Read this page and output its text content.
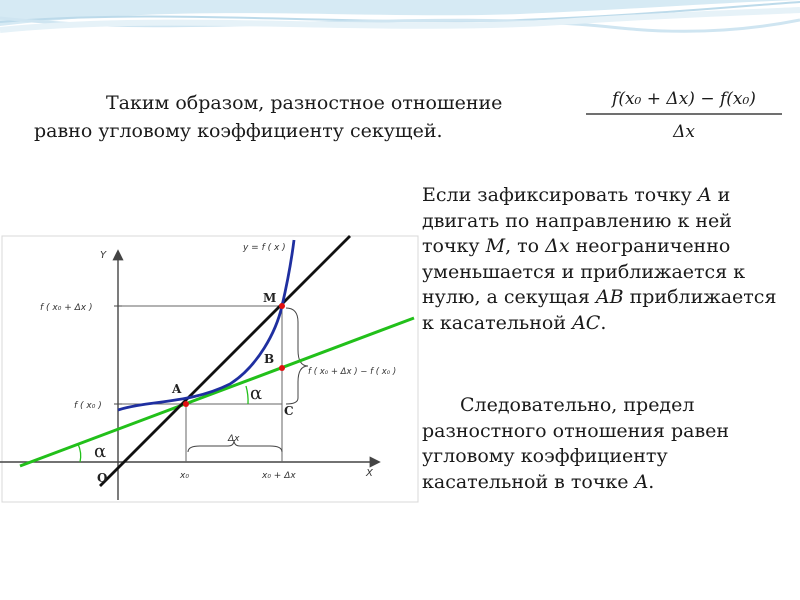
Таким образом, разностное отношение
равно угловому коэффициенту секущей.
f(x₀ + Δx) − f(x₀)
Δx
Если зафиксировать точку A и двигать по направлению к ней точку M, то Δx неограниченно уменьшается и приближается к нулю, а секущая AB приближается к касательной AC.
Следовательно, предел разностного отношения равен угловому коэффициенту касательной в точке A.
Y
X
O
y = f ( x )
f ( x₀ + Δx )
f ( x₀ )
x₀	x₀ + Δx
Δx
f ( x₀ + Δx ) − f ( x₀ )
A
M
B
C
α
α
